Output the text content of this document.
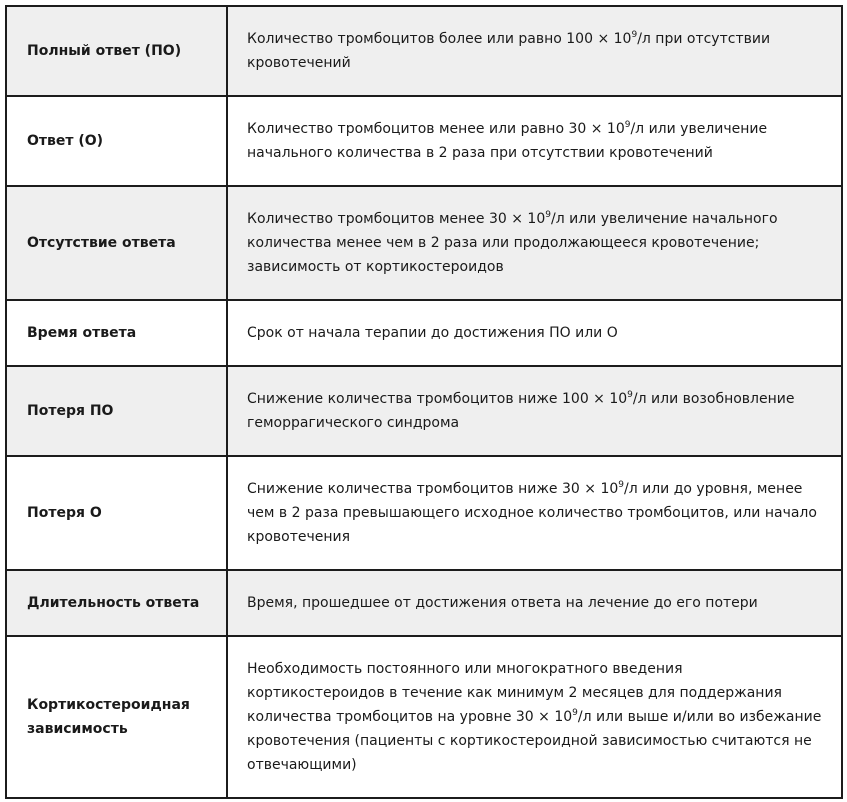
Полный ответ (ПО)	Количество тромбоцитов более или равно $100 \times 10^9/л$ при отсутствии кровотечений
Ответ (О)	Количество тромбоцитов менее или равно $30 \times 10^9/л$ или увеличение начального количества в 2 раза при отсутствии кровотечений
Отсутствие ответа	Количество тромбоцитов менее $30 \times 10^9/л$ или увеличение начального количества менее чем в 2 раза или продолжающееся кровотечение; зависимость от кортикостероидов
Время ответа	Срок от начала терапии до достижения ПО или О
Потеря ПО	Снижение количества тромбоцитов ниже $100 \times 10^9/л$ или возобновление геморрагического синдрома
Потеря О	Снижение количества тромбоцитов ниже $30 \times 10^9/л$ или до уровня, менее чем в 2 раза превышающего исходное количество тромбоцитов, или начало кровотечения
Длительность ответа	Время, прошедшее от достижения ответа на лечение до его потери
Кортикостероидная зависимость	Необходимость постоянного или многократного введения кортикостероидов в течение как минимум 2 месяцев для поддержания количества тромбоцитов на уровне $30 \times 10^9/л$ или выше и/или во избежание кровотечения (пациенты с кортикостероидной зависимостью считаются не отвечающими)
